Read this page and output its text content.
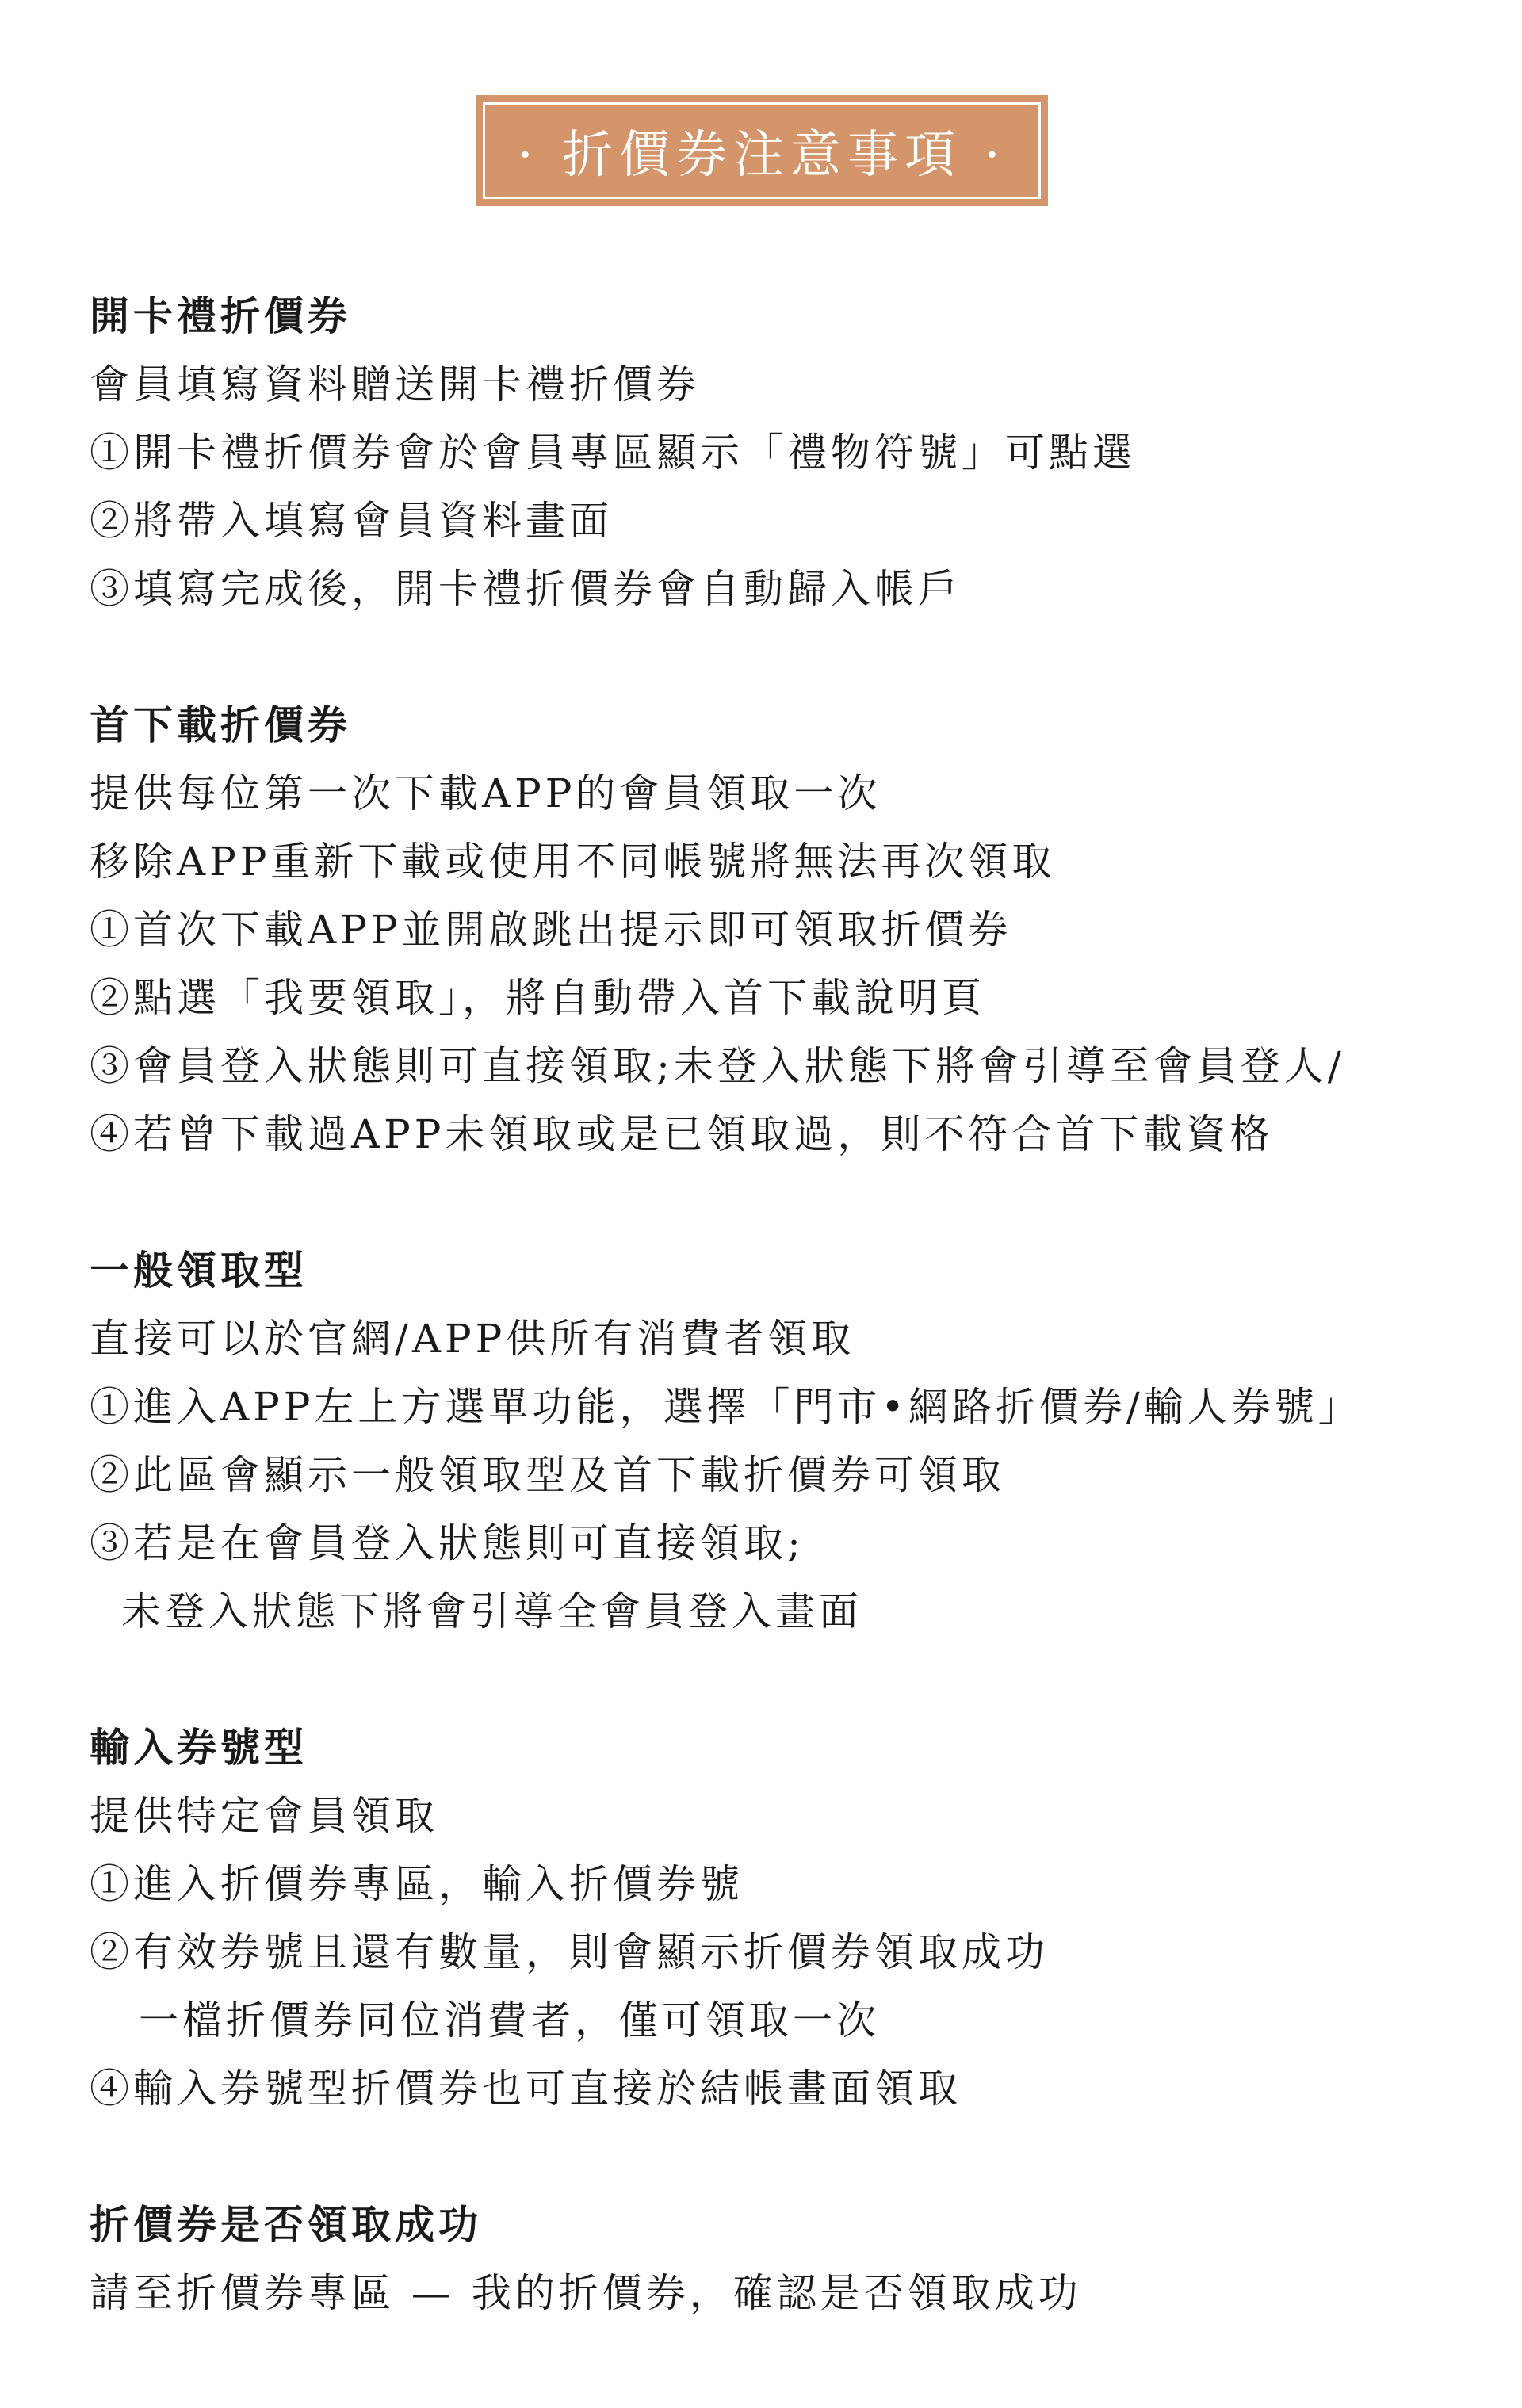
· 折價券注意事項 ·
開卡禮折價券
會員填寫資料贈送開卡禮折價券
①開卡禮折價券會於會員專區顯示「禮物符號」可點選
②將帶入填寫會員資料畫面
③填寫完成後，開卡禮折價券會自動歸入帳戶
首下載折價券
提供每位第一次下載APP的會員領取一次
移除APP重新下載或使用不同帳號將無法再次領取
①首次下載APP並開啟跳出提示即可領取折價券
②點選「我要領取」，將自動帶入首下載說明頁
③會員登入狀態則可直接領取;未登入狀態下將會引導至會員登人/
④若曾下載過APP未領取或是已領取過，則不符合首下載資格
一般領取型
直接可以於官網/APP供所有消費者領取
①進入APP左上方選單功能，選擇「門市•網路折價券/輸人券號」
②此區會顯示一般領取型及首下載折價券可領取
③若是在會員登入狀態則可直接領取;
未登入狀態下將會引導全會員登入畫面
輸入券號型
提供特定會員領取
①進入折價券專區，輸入折價券號
②有效券號且還有數量，則會顯示折價券領取成功
一檔折價券同位消費者，僅可領取一次
④輸入券號型折價券也可直接於結帳畫面領取
折價券是否領取成功
請至折價券專區 — 我的折價券，確認是否領取成功
